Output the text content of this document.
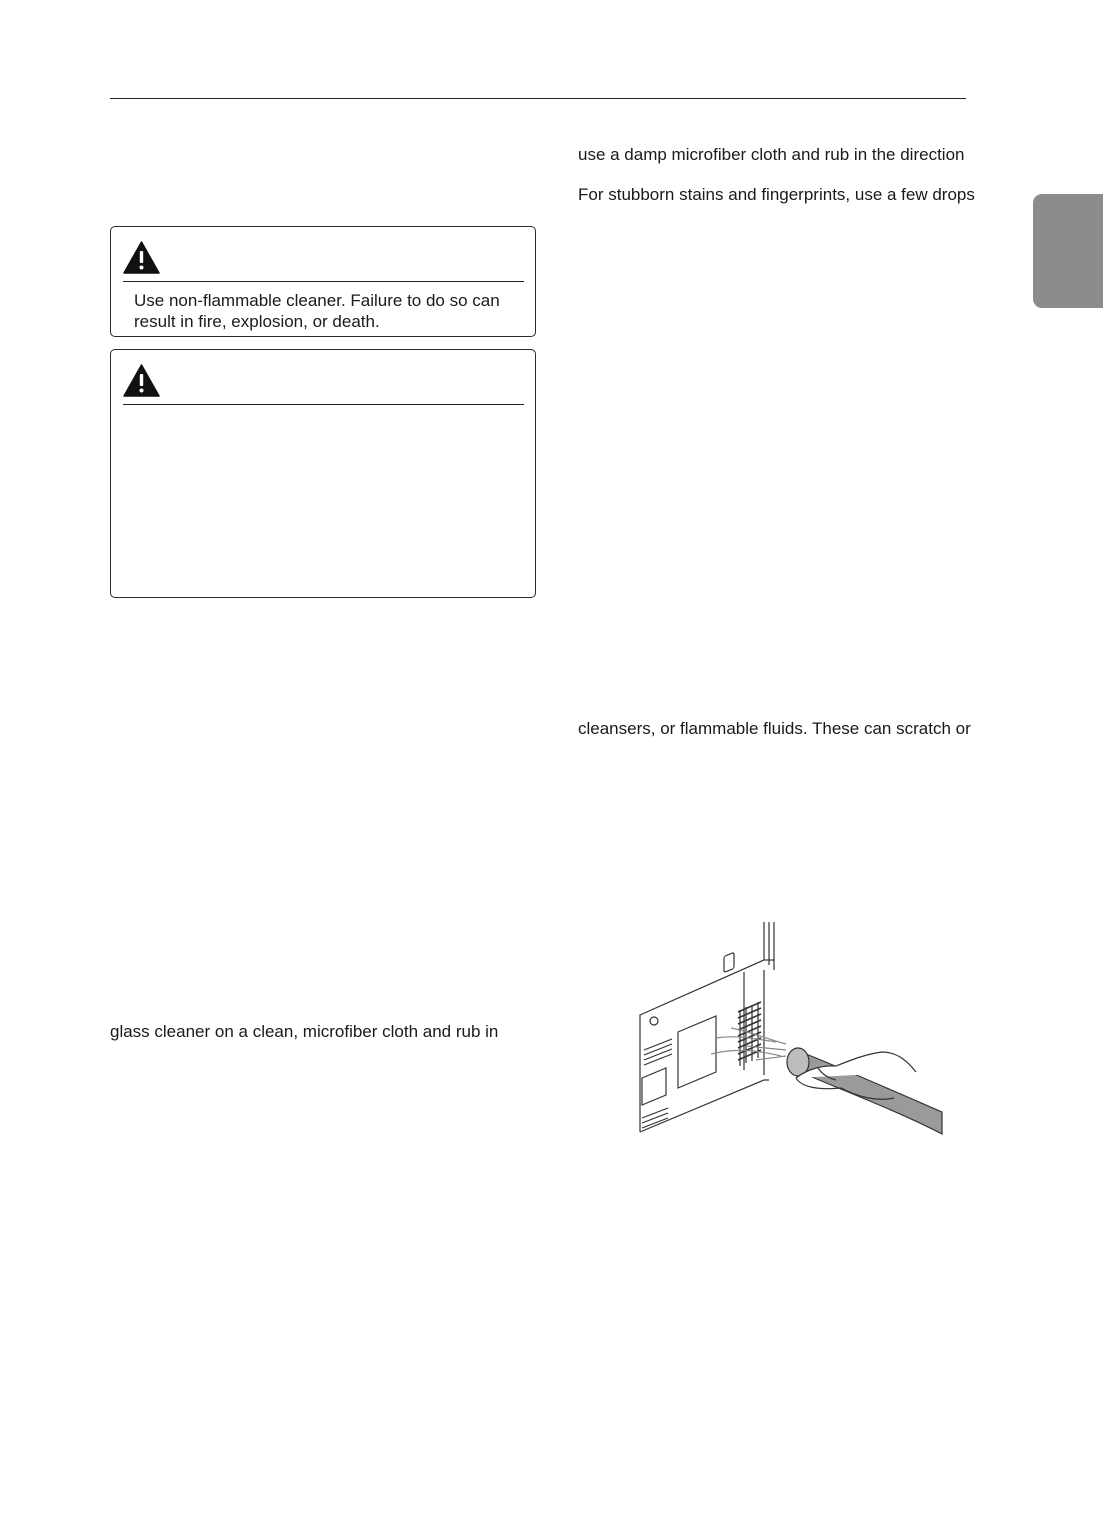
Use non-flammable cleaner. Failure to do so can result in fire, explosion, or death.
use a damp microfiber cloth and rub in the direction
For stubborn stains and fingerprints, use a few drops
cleansers, or flammable fluids. These can scratch or
glass cleaner on a clean, microfiber cloth and rub in
